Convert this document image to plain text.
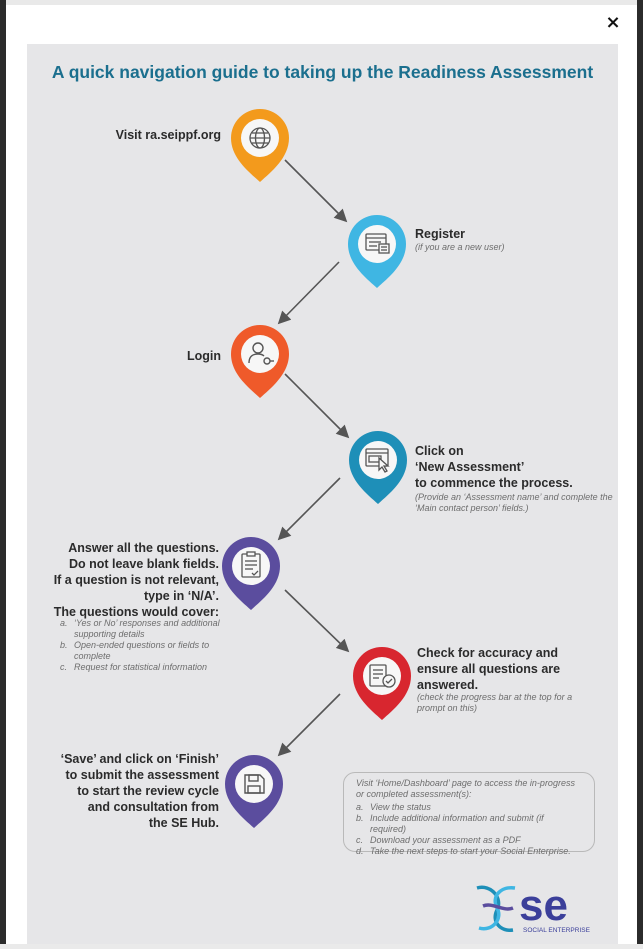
×
A quick navigation guide to taking up the Readiness Assessment
Visit ra.seippf.org
Register
(if you are a new user)
Login
Click on
‘New Assessment’
to commence the process.
(Provide an ‘Assessment name’ and complete the
‘Main contact person’ fields.)
Answer all the questions.
Do not leave blank fields.
If a question is not relevant,
type in ‘N/A’.
The questions would cover:
a. ‘Yes or No’ responses and additional supporting details
b. Open-ended questions or fields to complete
c. Request for statistical information
Check for accuracy and
ensure all questions are
answered.
(check the progress bar at the top for a
prompt on this)
‘Save’ and click on ‘Finish’
to submit the assessment
to start the review cycle
and consultation from
the SE Hub.
Visit ‘Home/Dashboard’ page to access the in-progress or completed assessment(s):
a. View the status
b. Include additional information and submit (if required)
c. Download your assessment as a PDF
d. Take the next steps to start your Social Enterprise.
se
SOCIAL ENTERPRISE
